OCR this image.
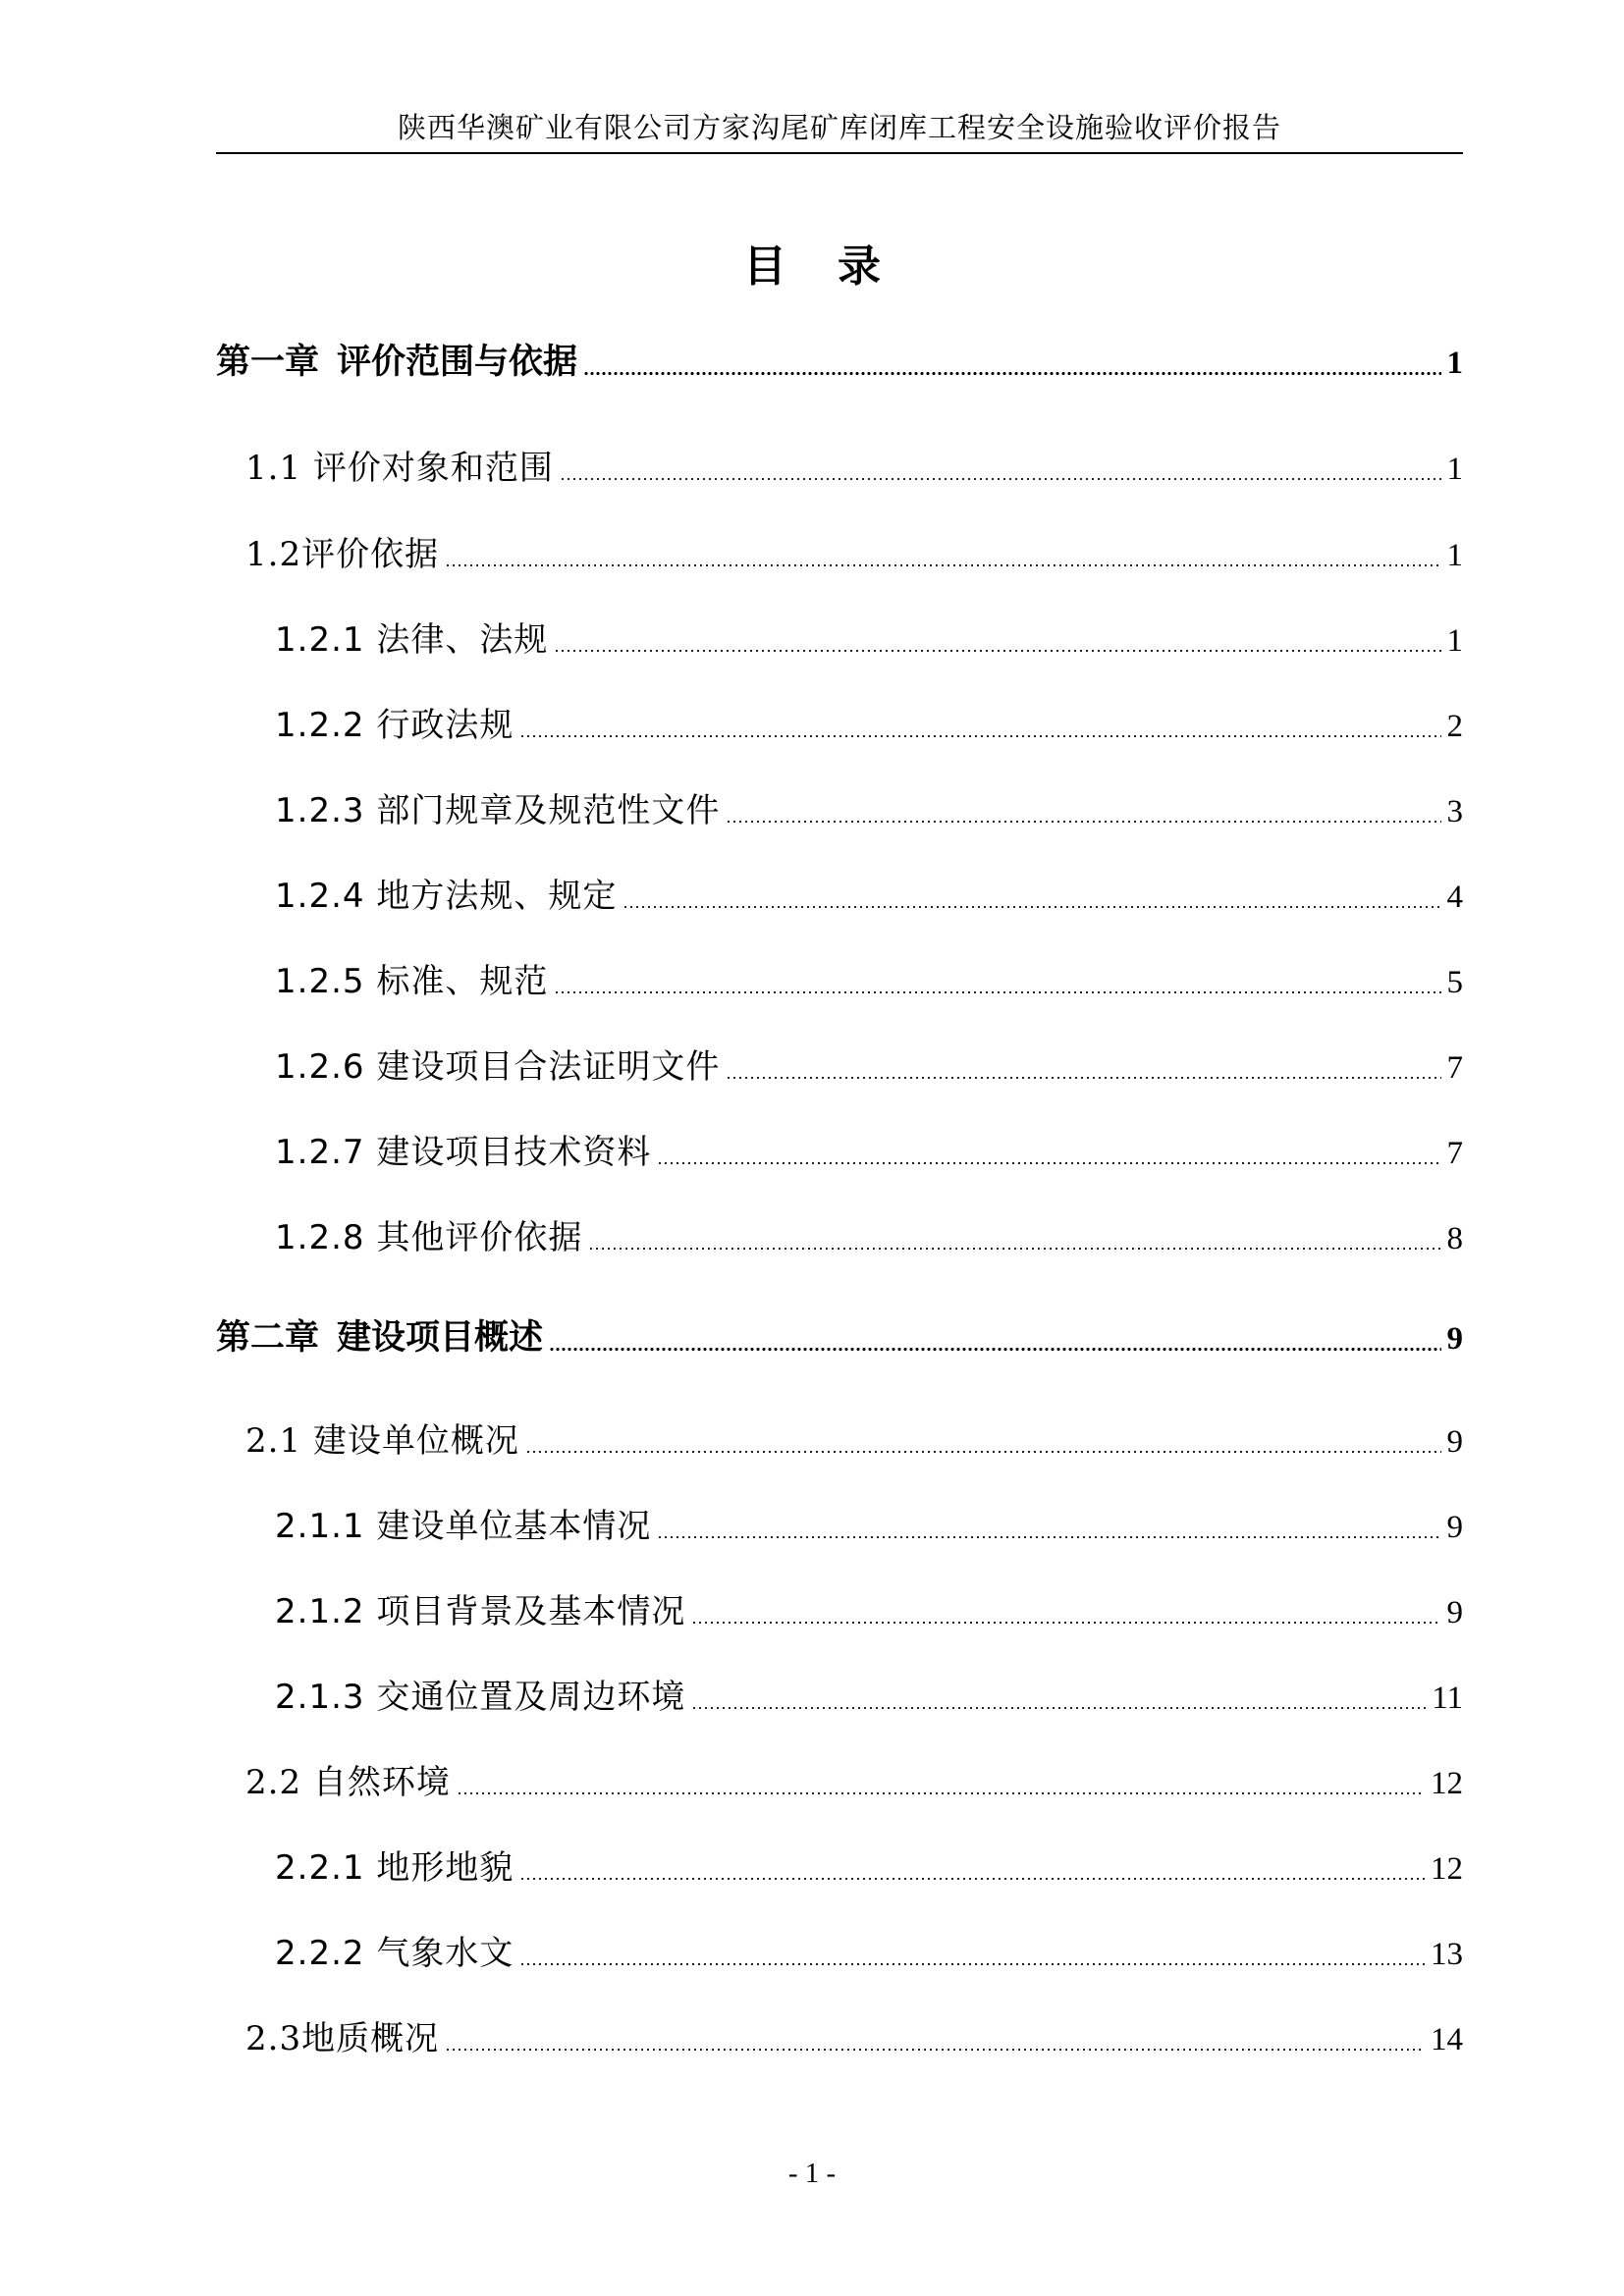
陕西华澳矿业有限公司方家沟尾矿库闭库工程安全设施验收评价报告
目 录
第一章 评价范围与依据	1
1.1 评价对象和范围	1
1.2评价依据	1
1.2.1 法律、法规	1
1.2.2 行政法规	2
1.2.3 部门规章及规范性文件	3
1.2.4 地方法规、规定	4
1.2.5 标准、规范	5
1.2.6 建设项目合法证明文件	7
1.2.7 建设项目技术资料	7
1.2.8 其他评价依据	8
第二章 建设项目概述	9
2.1 建设单位概况	9
2.1.1 建设单位基本情况	9
2.1.2 项目背景及基本情况	9
2.1.3 交通位置及周边环境	11
2.2 自然环境	12
2.2.1 地形地貌	12
2.2.2 气象水文	13
2.3地质概况	14
- 1 -
